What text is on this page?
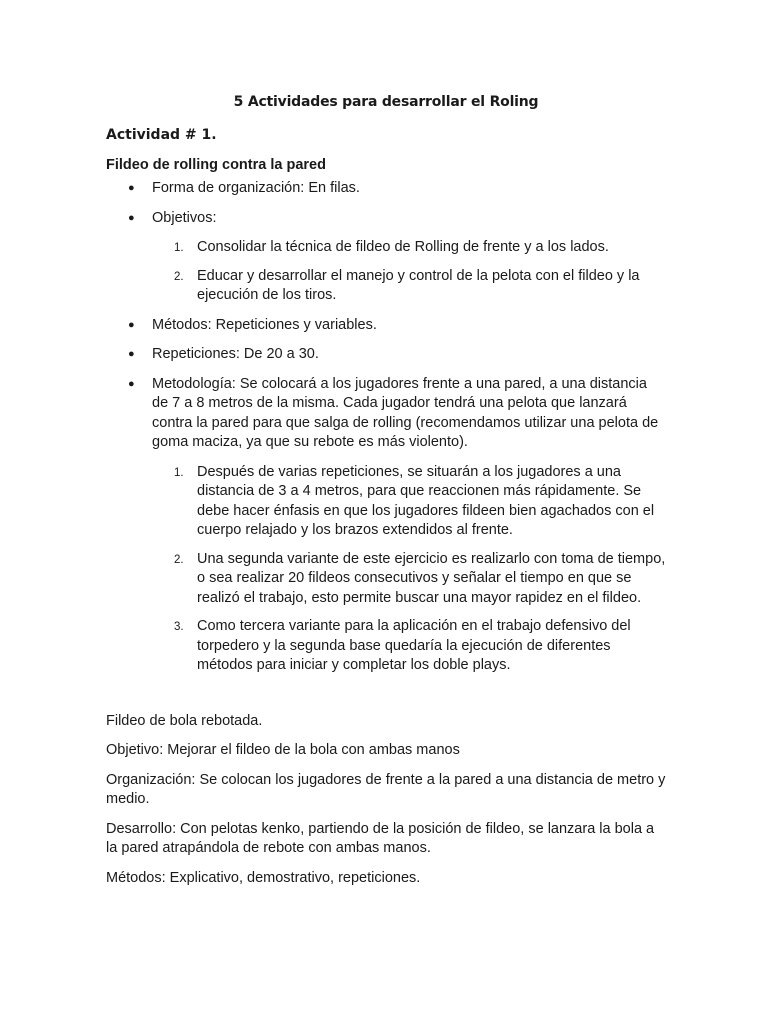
5 Actividades para desarrollar el Roling
Actividad # 1.
Fildeo de rolling contra la pared
● Forma de organización: En filas.
● Objetivos:
1. Consolidar la técnica de fildeo de Rolling de frente y a los lados.
2. Educar y desarrollar el manejo y control de la pelota con el fildeo y la ejecución de los tiros.
● Métodos: Repeticiones y variables.
● Repeticiones: De 20 a 30.
● Metodología: Se colocará a los jugadores frente a una pared, a una distancia de 7 a 8 metros de la misma. Cada jugador tendrá una pelota que lanzará contra la pared para que salga de rolling (recomendamos utilizar una pelota de goma maciza, ya que su rebote es más violento).
1. Después de varias repeticiones, se situarán a los jugadores a una distancia de 3 a 4 metros, para que reaccionen más rápidamente. Se debe hacer énfasis en que los jugadores fildeen bien agachados con el cuerpo relajado y los brazos extendidos al frente.
2. Una segunda variante de este ejercicio es realizarlo con toma de tiempo, o sea realizar 20 fildeos consecutivos y señalar el tiempo en que se realizó el trabajo, esto permite buscar una mayor rapidez en el fildeo.
3. Como tercera variante para la aplicación en el trabajo defensivo del torpedero y la segunda base quedaría la ejecución de diferentes métodos para iniciar y completar los doble plays.

Fildeo de bola rebotada.

Objetivo: Mejorar el fildeo de la bola con ambas manos

Organización: Se colocan los jugadores de frente a la pared a una distancia de metro y medio.

Desarrollo: Con pelotas kenko, partiendo de la posición de fildeo, se lanzara la bola a la pared atrapándola de rebote con ambas manos.

Métodos: Explicativo, demostrativo, repeticiones.
